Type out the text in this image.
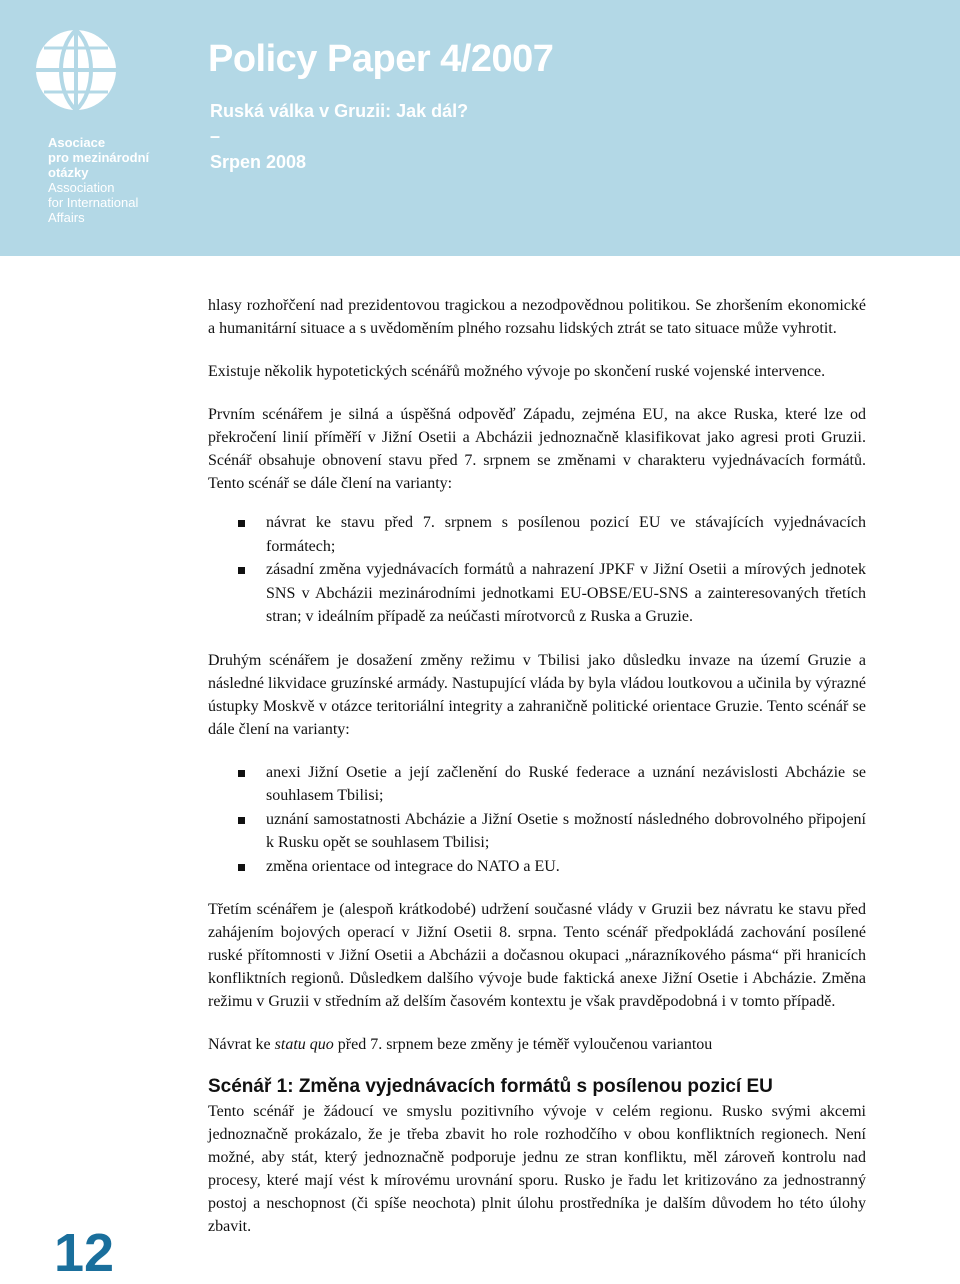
Asociace
pro mezinárodní
otázky
Association
for International
Affairs
Policy Paper 4/2007
Ruská válka v Gruzii: Jak dál?
–
Srpen 2008

hlasy rozhořčení nad prezidentovou tragickou a nezodpovědnou politikou. Se zhoršením ekonomické a humanitární situace a s uvědoměním plného rozsahu lidských ztrát se tato situace může vyhrotit.

Existuje několik hypotetických scénářů možného vývoje po skončení ruské vojenské intervence.

Prvním scénářem je silná a úspěšná odpověď Západu, zejména EU, na akce Ruska, které lze od překročení linií příměří v Jižní Osetii a Abcházii jednoznačně klasifikovat jako agresi proti Gruzii. Scénář obsahuje obnovení stavu před 7. srpnem se změnami v charakteru vyjednávacích formátů. Tento scénář se dále člení na varianty:

návrat ke stavu před 7. srpnem s posílenou pozicí EU ve stávajících vyjednávacích formátech;
zásadní změna vyjednávacích formátů a nahrazení JPKF v Jižní Osetii a mírových jednotek SNS v Abcházii mezinárodními jednotkami EU-OBSE/EU-SNS a zainteresovaných třetích stran; v ideálním případě za neúčasti mírotvorců z Ruska a Gruzie.

Druhým scénářem je dosažení změny režimu v Tbilisi jako důsledku invaze na území Gruzie a následné likvidace gruzínské armády. Nastupující vláda by byla vládou loutkovou a učinila by výrazné ústupky Moskvě v otázce teritoriální integrity a zahraničně politické orientace Gruzie. Tento scénář se dále člení na varianty:

anexi Jižní Osetie a její začlenění do Ruské federace a uznání nezávislosti Abcházie se souhlasem Tbilisi;
uznání samostatnosti Abcházie a Jižní Osetie s možností následného dobrovolného připojení k Rusku opět se souhlasem Tbilisi;
změna orientace od integrace do NATO a EU.

Třetím scénářem je (alespoň krátkodobé) udržení současné vlády v Gruzii bez návratu ke stavu před zahájením bojových operací v Jižní Osetii 8. srpna. Tento scénář předpokládá zachování posílené ruské přítomnosti v Jižní Osetii a Abcházii a dočasnou okupaci „nárazníkového pásma“ při hranicích konfliktních regionů. Důsledkem dalšího vývoje bude faktická anexe Jižní Osetie i Abcházie. Změna režimu v Gruzii v středním až delším časovém kontextu je však pravděpodobná i v tomto případě.

Návrat ke statu quo před 7. srpnem beze změny je téměř vyloučenou variantou

Scénář 1: Změna vyjednávacích formátů s posílenou pozicí EU

Tento scénář je žádoucí ve smyslu pozitivního vývoje v celém regionu. Rusko svými akcemi jednoznačně prokázalo, že je třeba zbavit ho role rozhodčího v obou konfliktních regionech. Není možné, aby stát, který jednoznačně podporuje jednu ze stran konfliktu, měl zároveň kontrolu nad procesy, které mají vést k mírovému urovnání sporu. Rusko je řadu let kritizováno za jednostranný postoj a neschopnost (či spíše neochota) plnit úlohu prostředníka je dalším důvodem ho této úlohy zbavit.

12
